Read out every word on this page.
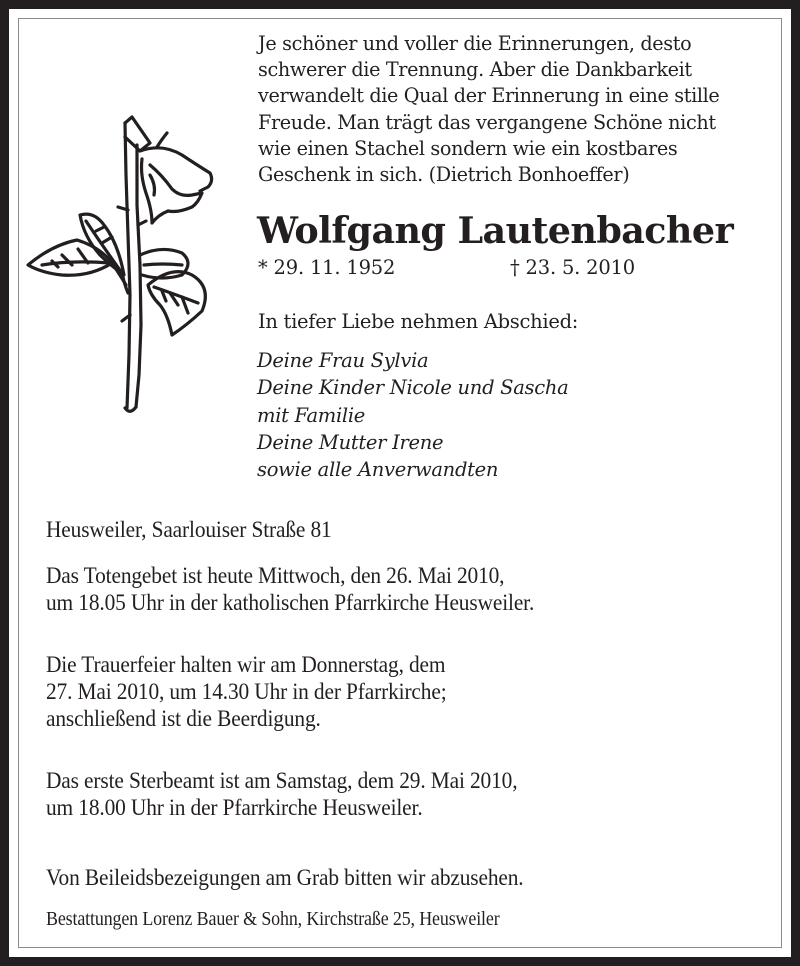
Je schöner und voller die Erinnerungen, desto
schwerer die Trennung. Aber die Dankbarkeit
verwandelt die Qual der Erinnerung in eine stille
Freude. Man trägt das vergangene Schöne nicht
wie einen Stachel sondern wie ein kostbares
Geschenk in sich. (Dietrich Bonhoeffer)
Wolfgang Lautenbacher
* 29. 11. 1952	† 23. 5. 2010
In tiefer Liebe nehmen Abschied:
Deine Frau Sylvia
Deine Kinder Nicole und Sascha
mit Familie
Deine Mutter Irene
sowie alle Anverwandten
Heusweiler, Saarlouiser Straße 81
Das Totengebet ist heute Mittwoch, den 26. Mai 2010,
um 18.05 Uhr in der katholischen Pfarrkirche Heusweiler.
Die Trauerfeier halten wir am Donnerstag, dem
27. Mai 2010, um 14.30 Uhr in der Pfarrkirche;
anschließend ist die Beerdigung.
Das erste Sterbeamt ist am Samstag, dem 29. Mai 2010,
um 18.00 Uhr in der Pfarrkirche Heusweiler.
Von Beileidsbezeigungen am Grab bitten wir abzusehen.
Bestattungen Lorenz Bauer & Sohn, Kirchstraße 25, Heusweiler
